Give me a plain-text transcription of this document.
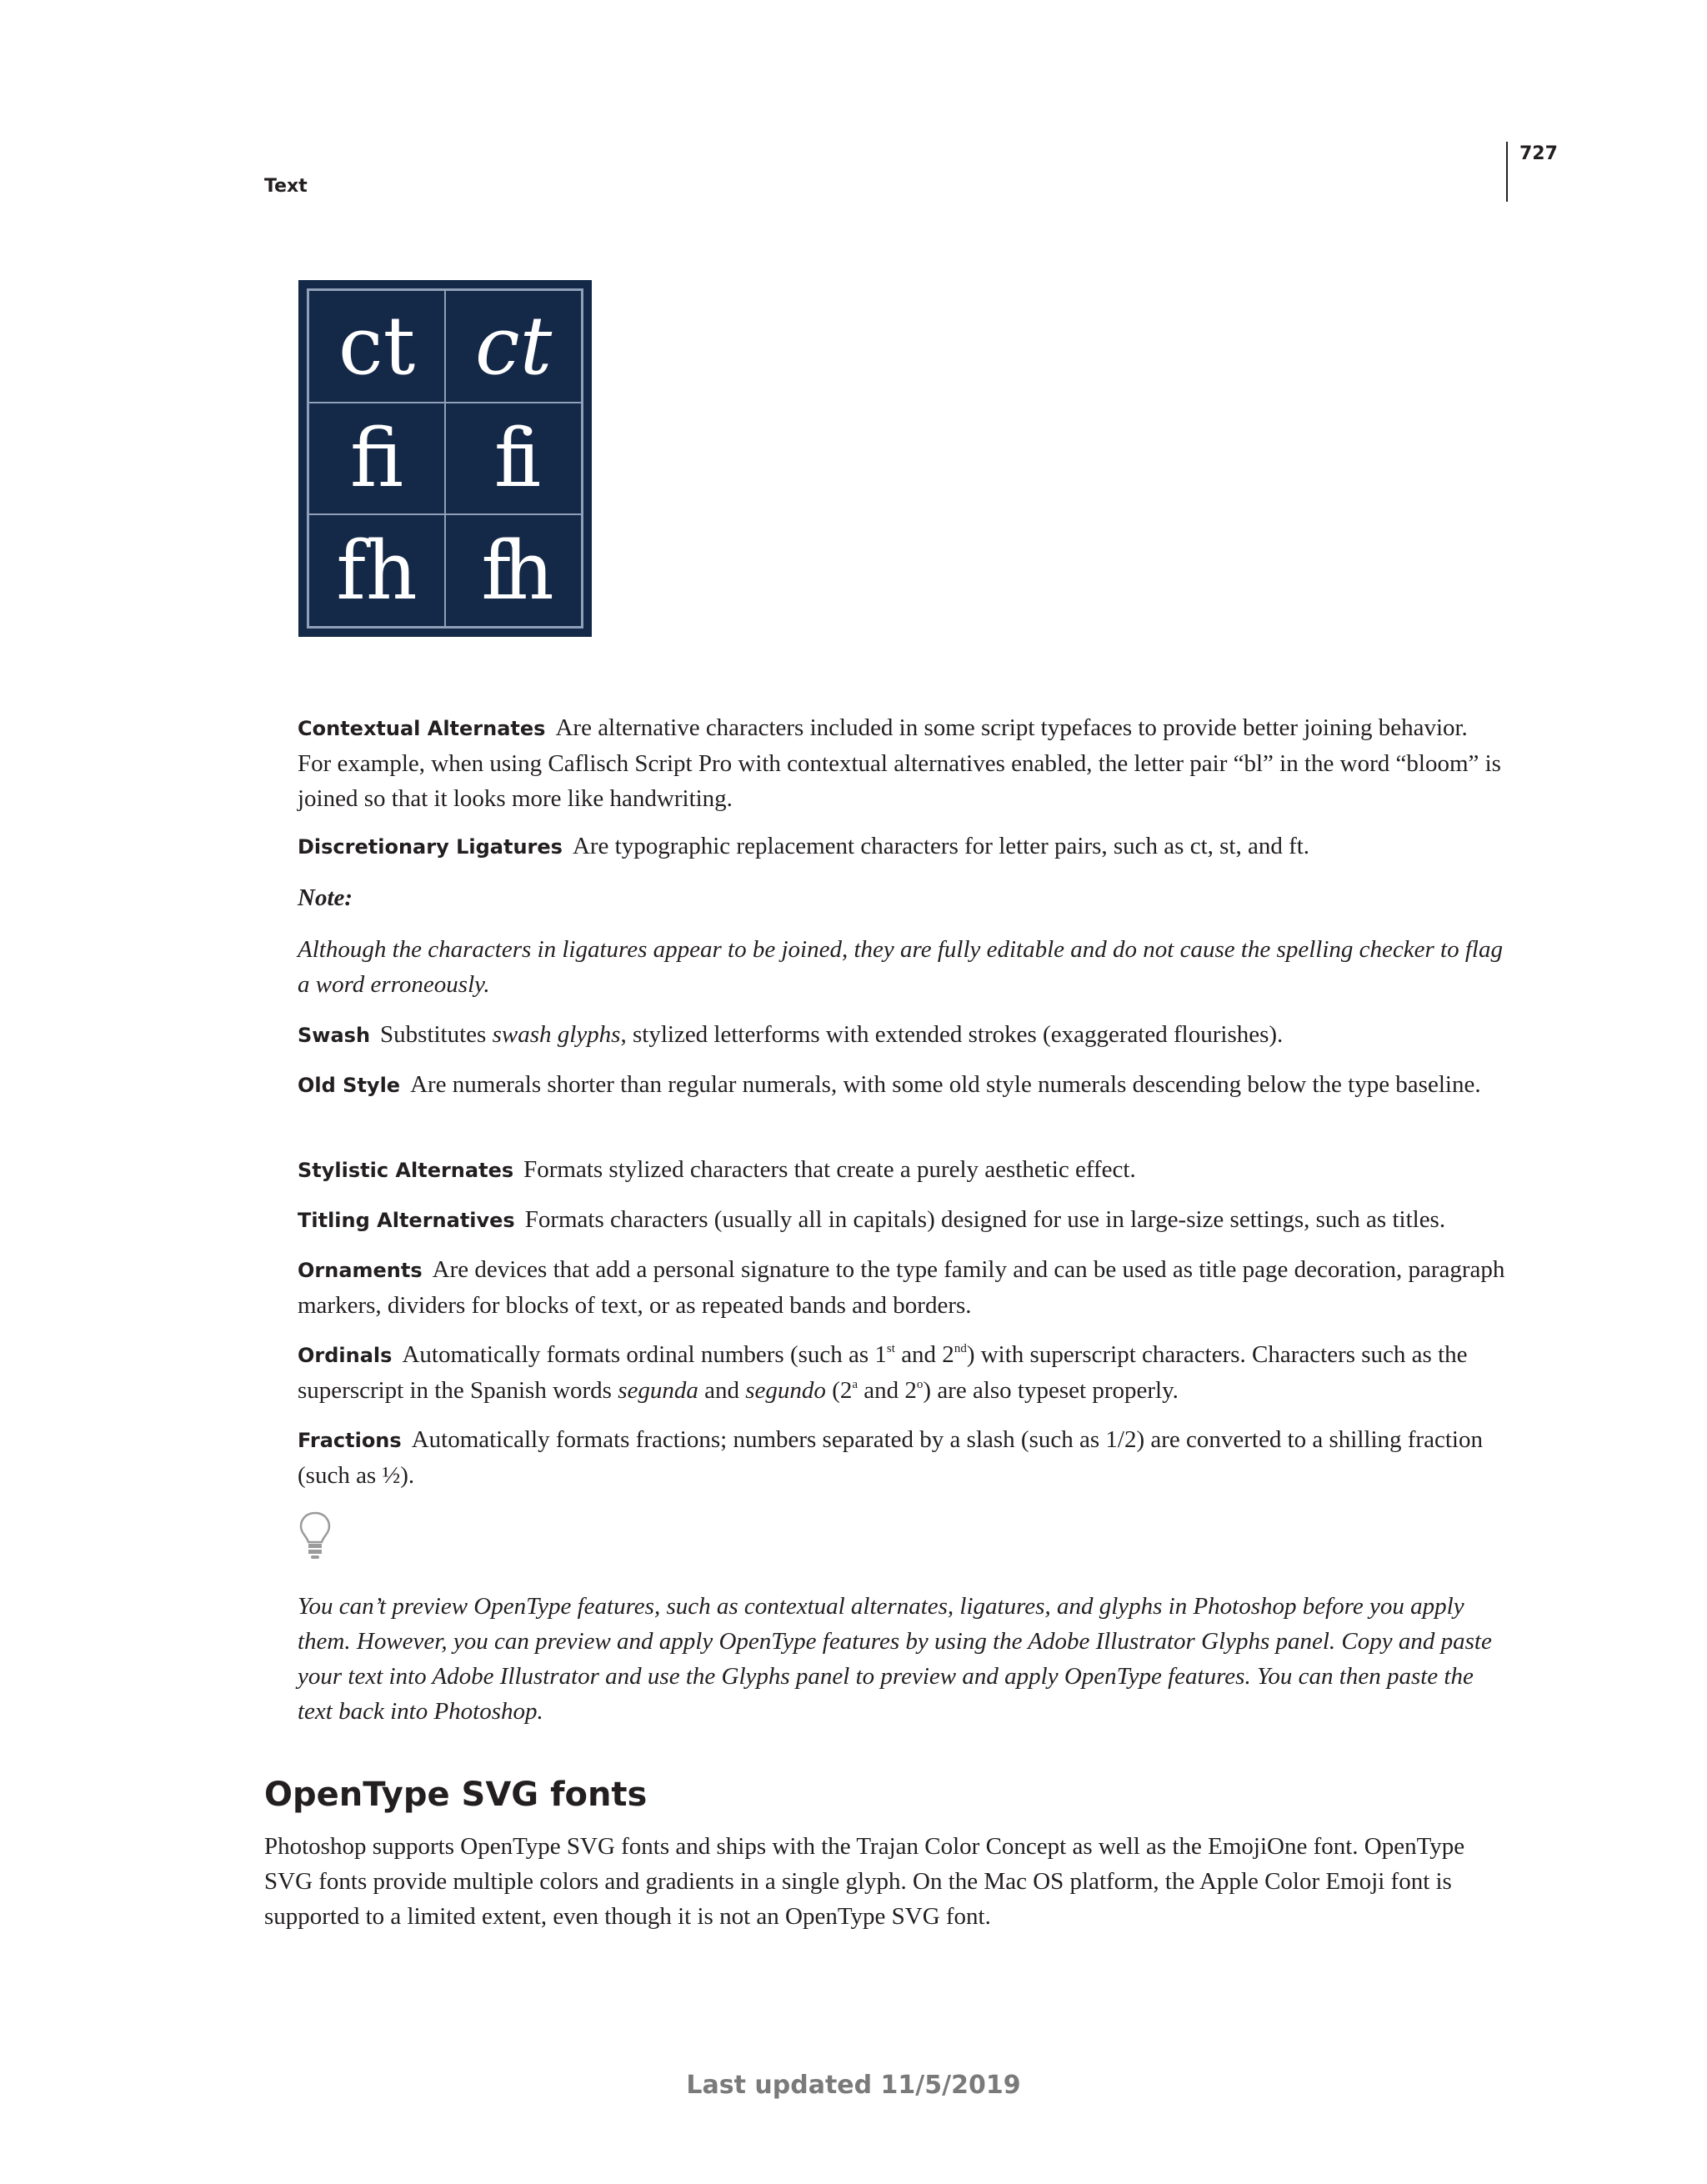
727
Text
ct ct
fi	fi
fh fh

Contextual Alternates Are alternative characters included in some script typefaces to provide better joining behavior. For example, when using Caflisch Script Pro with contextual alternatives enabled, the letter pair “bl” in the word “bloom” is joined so that it looks more like handwriting.

Discretionary Ligatures Are typographic replacement characters for letter pairs, such as ct, st, and ft.

Note:

Although the characters in ligatures appear to be joined, they are fully editable and do not cause the spelling checker to flag a word erroneously.

Swash Substitutes swash glyphs, stylized letterforms with extended strokes (exaggerated flourishes).

Old Style Are numerals shorter than regular numerals, with some old style numerals descending below the type baseline.

Stylistic Alternates Formats stylized characters that create a purely aesthetic effect.

Titling Alternatives Formats characters (usually all in capitals) designed for use in large-size settings, such as titles.

Ornaments Are devices that add a personal signature to the type family and can be used as title page decoration, paragraph markers, dividers for blocks of text, or as repeated bands and borders.

Ordinals Automatically formats ordinal numbers (such as 1st and 2nd) with superscript characters. Characters such as the superscript in the Spanish words segunda and segundo (2$^a$ and 2$^o$) are also typeset properly.

Fractions Automatically formats fractions; numbers separated by a slash (such as 1/2) are converted to a shilling fraction (such as ½).

You can’t preview OpenType features, such as contextual alternates, ligatures, and glyphs in Photoshop before you apply them. However, you can preview and apply OpenType features by using the Adobe Illustrator Glyphs panel. Copy and paste your text into Adobe Illustrator and use the Glyphs panel to preview and apply OpenType features. You can then paste the text back into Photoshop.

OpenType SVG fonts

Photoshop supports OpenType SVG fonts and ships with the Trajan Color Concept as well as the EmojiOne font. OpenType SVG fonts provide multiple colors and gradients in a single glyph. On the Mac OS platform, the Apple Color Emoji font is supported to a limited extent, even though it is not an OpenType SVG font.

Last updated 11/5/2019
